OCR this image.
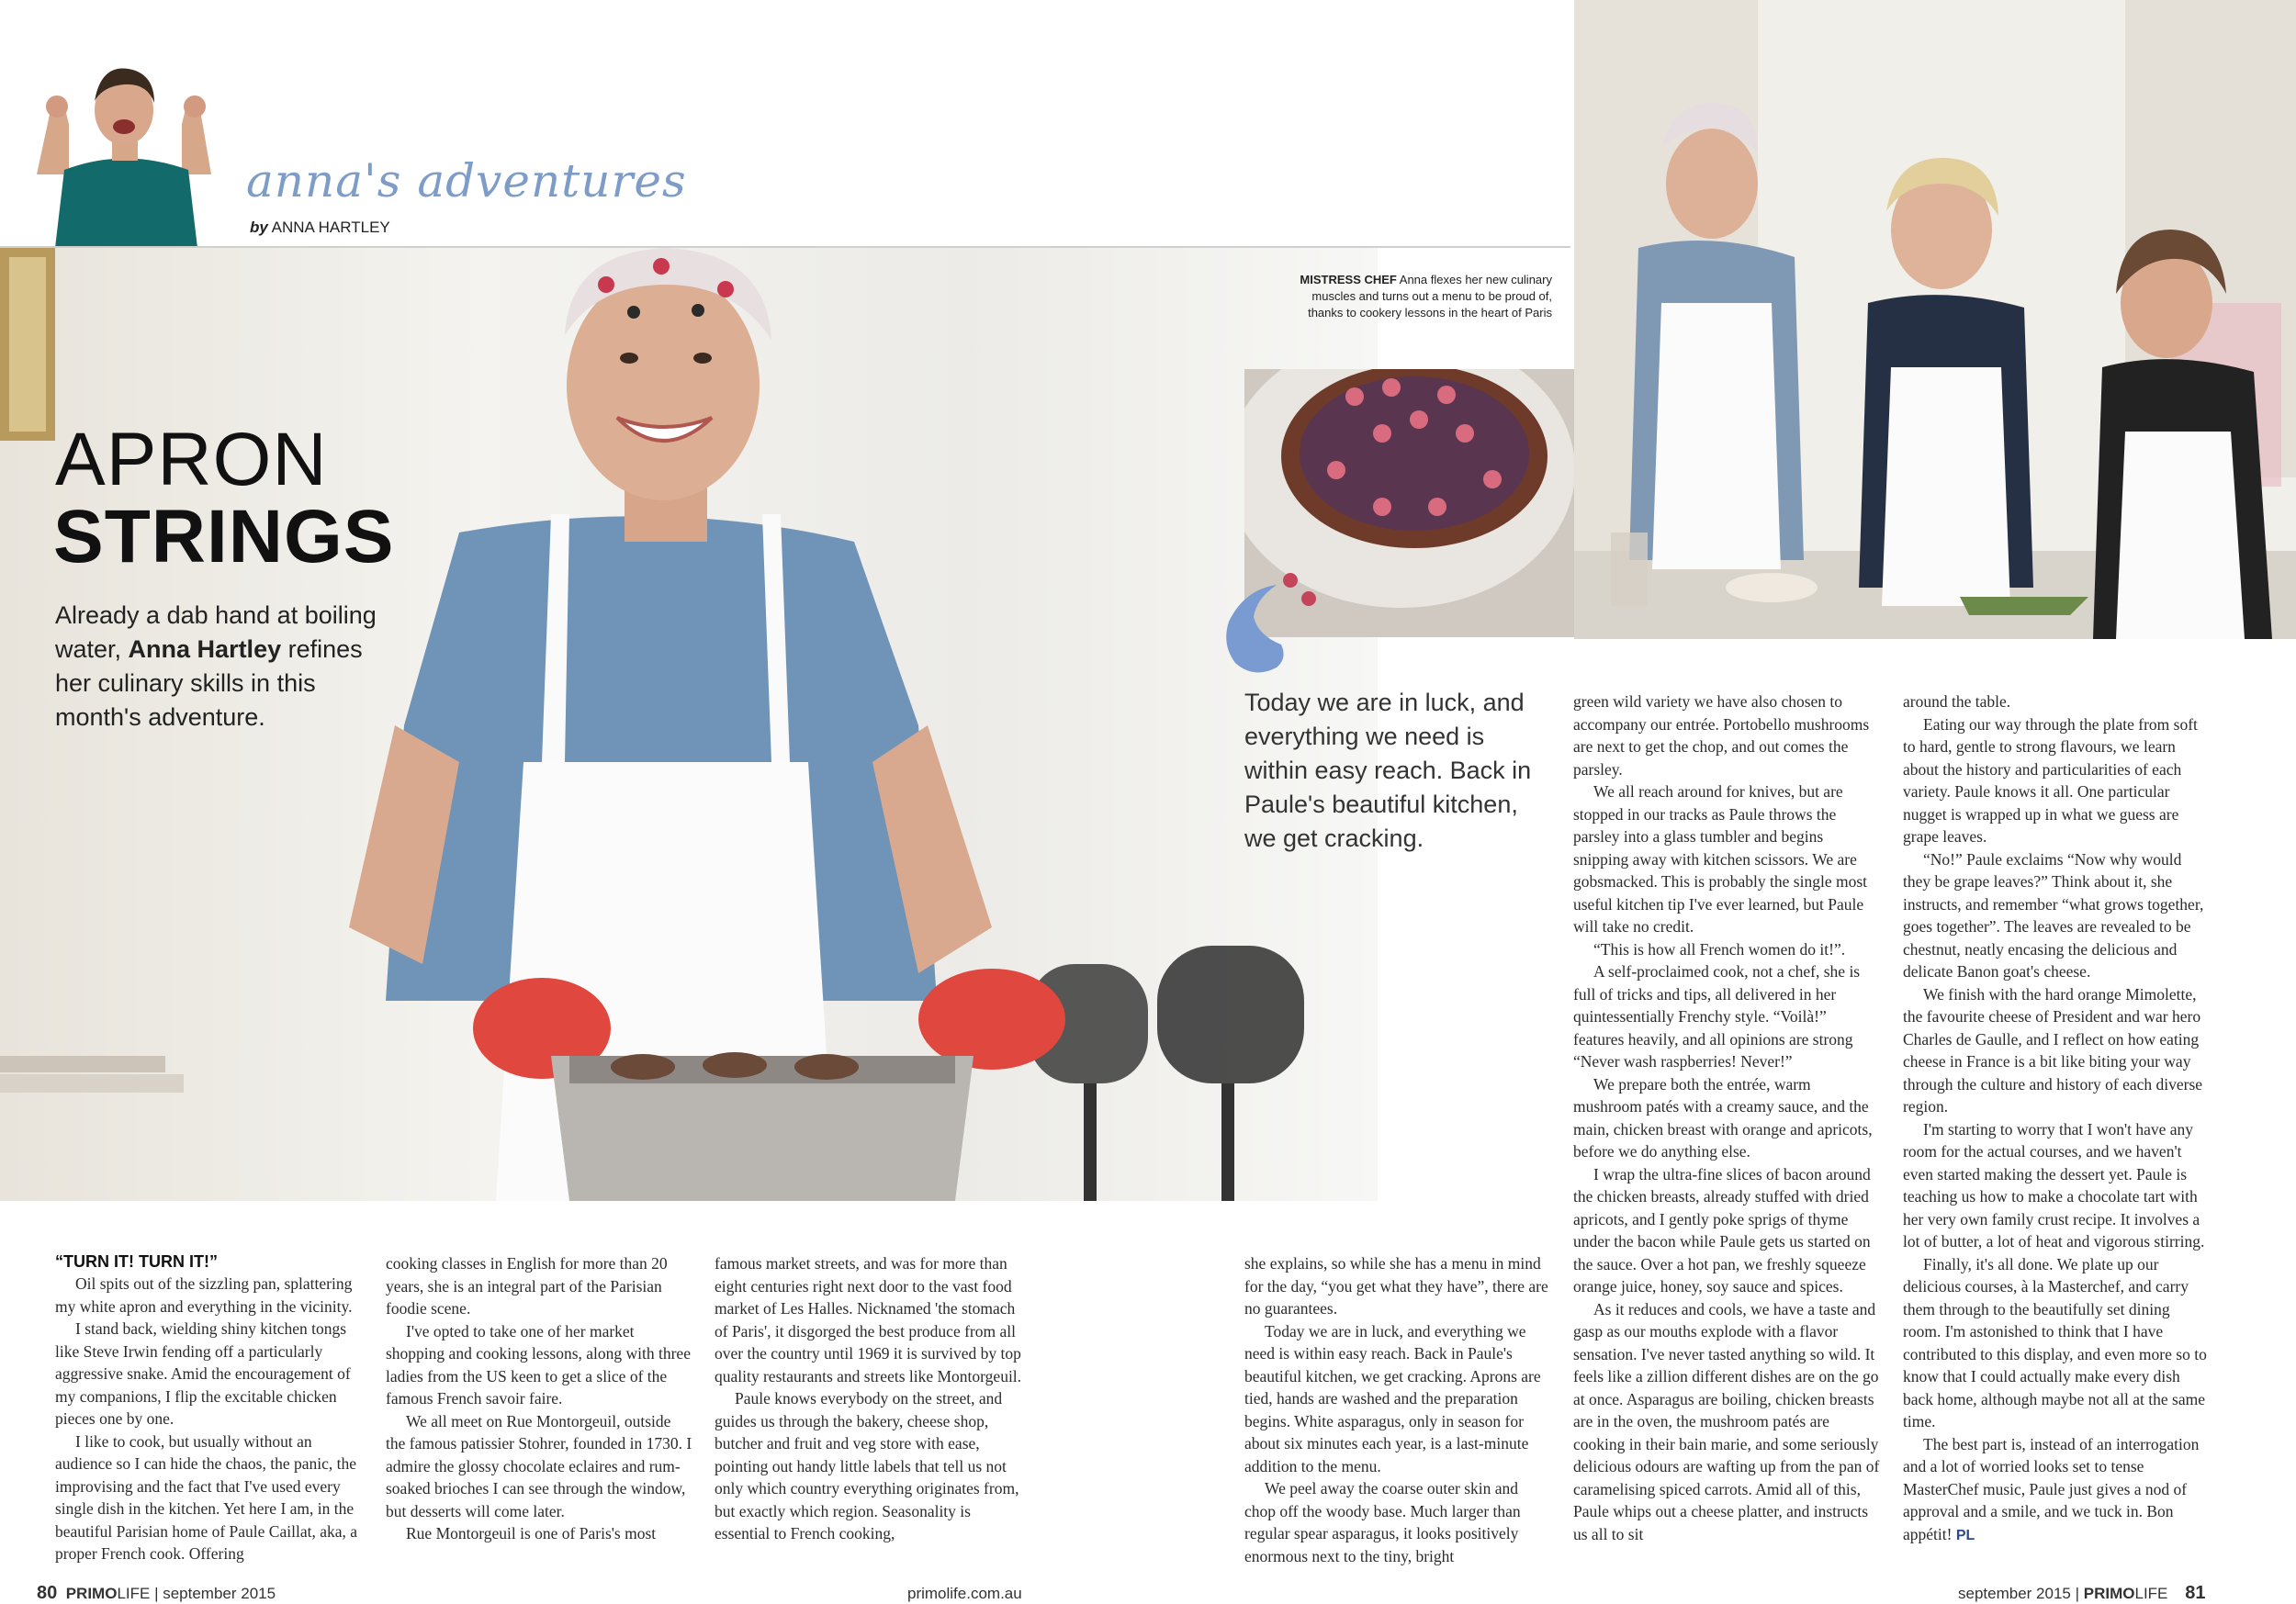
anna's adventures
by ANNA HARTLEY
APRON
STRINGS
Already a dab hand at boiling water, Anna Hartley refines her culinary skills in this month's adventure.
MISTRESS CHEF Anna flexes her new culinary muscles and turns out a menu to be proud of, thanks to cookery lessons in the heart of Paris
Today we are in luck, and everything we need is within easy reach. Back in Paule's beautiful kitchen, we get cracking.

“TURN IT! TURN IT!”

Oil spits out of the sizzling pan, splattering my white apron and everything in the vicinity.

I stand back, wielding shiny kitchen tongs like Steve Irwin fending off a particularly aggressive snake. Amid the encouragement of my companions, I flip the excitable chicken pieces one by one.

I like to cook, but usually without an audience so I can hide the chaos, the panic, the improvising and the fact that I've used every single dish in the kitchen. Yet here I am, in the beautiful Parisian home of Paule Caillat, aka, a proper French cook. Offering

cooking classes in English for more than 20 years, she is an integral part of the Parisian foodie scene.

I've opted to take one of her market shopping and cooking lessons, along with three ladies from the US keen to get a slice of the famous French savoir faire.

We all meet on Rue Montorgeuil, outside the famous patissier Stohrer, founded in 1730. I admire the glossy chocolate eclaires and rum-soaked brioches I can see through the window, but desserts will come later.

Rue Montorgeuil is one of Paris's most

famous market streets, and was for more than eight centuries right next door to the vast food market of Les Halles. Nicknamed 'the stomach of Paris', it disgorged the best produce from all over the country until 1969 it is survived by top quality restaurants and streets like Montorgeuil.

Paule knows everybody on the street, and guides us through the bakery, cheese shop, butcher and fruit and veg store with ease, pointing out handy little labels that tell us not only which country everything originates from, but exactly which region. Seasonality is essential to French cooking,

she explains, so while she has a menu in mind for the day, “you get what they have”, there are no guarantees.

Today we are in luck, and everything we need is within easy reach. Back in Paule's beautiful kitchen, we get cracking. Aprons are tied, hands are washed and the preparation begins. White asparagus, only in season for about six minutes each year, is a last-minute addition to the menu.

We peel away the coarse outer skin and chop off the woody base. Much larger than regular spear asparagus, it looks positively enormous next to the tiny, bright

green wild variety we have also chosen to accompany our entrée. Portobello mushrooms are next to get the chop, and out comes the parsley.

We all reach around for knives, but are stopped in our tracks as Paule throws the parsley into a glass tumbler and begins snipping away with kitchen scissors. We are gobsmacked. This is probably the single most useful kitchen tip I've ever learned, but Paule will take no credit.

“This is how all French women do it!”.

A self-proclaimed cook, not a chef, she is full of tricks and tips, all delivered in her quintessentially Frenchy style. “Voilà!” features heavily, and all opinions are strong “Never wash raspberries! Never!”

We prepare both the entrée, warm mushroom patés with a creamy sauce, and the main, chicken breast with orange and apricots, before we do anything else.

I wrap the ultra-fine slices of bacon around the chicken breasts, already stuffed with dried apricots, and I gently poke sprigs of thyme under the bacon while Paule gets us started on the sauce. Over a hot pan, we freshly squeeze orange juice, honey, soy sauce and spices.

As it reduces and cools, we have a taste and gasp as our mouths explode with a flavor sensation. I've never tasted anything so wild. It feels like a zillion different dishes are on the go at once. Asparagus are boiling, chicken breasts are in the oven, the mushroom patés are cooking in their bain marie, and some seriously delicious odours are wafting up from the pan of caramelising spiced carrots. Amid all of this, Paule whips out a cheese platter, and instructs us all to sit

around the table.

Eating our way through the plate from soft to hard, gentle to strong flavours, we learn about the history and particularities of each variety. Paule knows it all. One particular nugget is wrapped up in what we guess are grape leaves.

“No!” Paule exclaims “Now why would they be grape leaves?” Think about it, she instructs, and remember “what grows together, goes together”. The leaves are revealed to be chestnut, neatly encasing the delicious and delicate Banon goat's cheese.

We finish with the hard orange Mimolette, the favourite cheese of President and war hero Charles de Gaulle, and I reflect on how eating cheese in France is a bit like biting your way through the culture and history of each diverse region.

I'm starting to worry that I won't have any room for the actual courses, and we haven't even started making the dessert yet. Paule is teaching us how to make a chocolate tart with her very own family crust recipe. It involves a lot of butter, a lot of heat and vigorous stirring.

Finally, it's all done. We plate up our delicious courses, à la Masterchef, and carry them through to the beautifully set dining room. I'm astonished to think that I have contributed to this display, and even more so to know that I could actually make every dish back home, although maybe not all at the same time.

The best part is, instead of an interrogation and a lot of worried looks set to tense MasterChef music, Paule just gives a nod of approval and a smile, and we tuck in. Bon appétit! PL

80 PRIMOLIFE | september 2015	primolife.com.au	september 2015 | PRIMOLIFE 81
